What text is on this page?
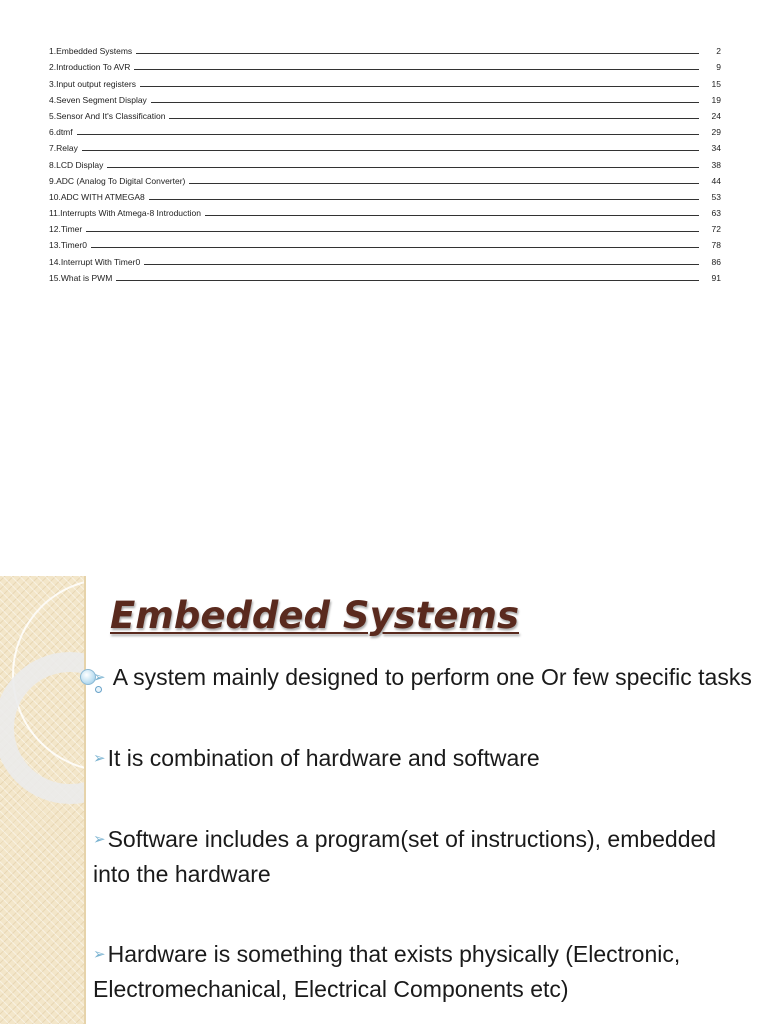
1.Embedded Systems	2
2.Introduction To AVR	9
3.Input output registers	15
4.Seven Segment Display	19
5.Sensor And It's Classification	24
6.dtmf	29
7.Relay	34
8.LCD Display	38
9.ADC (Analog To Digital Converter)	44
10.ADC WITH ATMEGA8	53
11.Interrupts With Atmega-8 Introduction	63
12.Timer	72
13.Timer0	78
14.Interrupt With Timer0	86
15.What is PWM	91
Embedded Systems

➢ A system mainly designed to perform one Or few specific tasks

➢It is combination of hardware and software

➢Software includes a program(set of instructions), embedded into the hardware

➢Hardware is something that exists physically (Electronic, Electromechanical, Electrical Components etc)
